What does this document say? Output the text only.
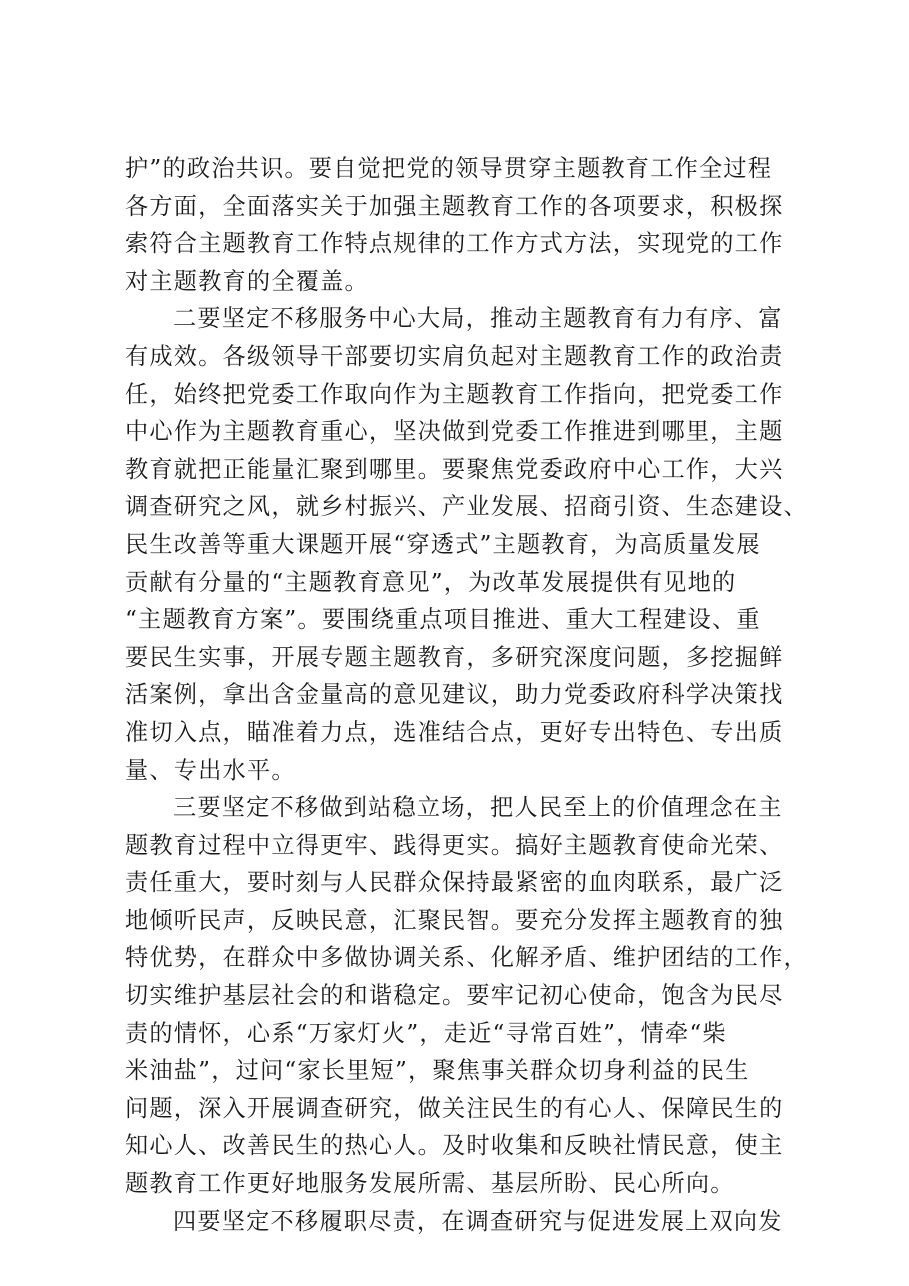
护”的政治共识。要自觉把党的领导贯穿主题教育工作全过程
各方面，全面落实关于加强主题教育工作的各项要求，积极探
索符合主题教育工作特点规律的工作方式方法，实现党的工作
对主题教育的全覆盖。
二要坚定不移服务中心大局，推动主题教育有力有序、富
有成效。各级领导干部要切实肩负起对主题教育工作的政治责
任，始终把党委工作取向作为主题教育工作指向，把党委工作
中心作为主题教育重心，坚决做到党委工作推进到哪里，主题
教育就把正能量汇聚到哪里。要聚焦党委政府中心工作，大兴
调查研究之风，就乡村振兴、产业发展、招商引资、生态建设、
民生改善等重大课题开展“穿透式”主题教育，为高质量发展
贡献有分量的“主题教育意见”，为改革发展提供有见地的
“主题教育方案”。要围绕重点项目推进、重大工程建设、重
要民生实事，开展专题主题教育，多研究深度问题，多挖掘鲜
活案例，拿出含金量高的意见建议，助力党委政府科学决策找
准切入点，瞄准着力点，选准结合点，更好专出特色、专出质
量、专出水平。
三要坚定不移做到站稳立场，把人民至上的价值理念在主
题教育过程中立得更牢、践得更实。搞好主题教育使命光荣、
责任重大，要时刻与人民群众保持最紧密的血肉联系，最广泛
地倾听民声，反映民意，汇聚民智。要充分发挥主题教育的独
特优势，在群众中多做协调关系、化解矛盾、维护团结的工作，
切实维护基层社会的和谐稳定。要牢记初心使命，饱含为民尽
责的情怀，心系“万家灯火”，走近“寻常百姓”，情牵“柴
米油盐”，过问“家长里短”，聚焦事关群众切身利益的民生
问题，深入开展调查研究，做关注民生的有心人、保障民生的
知心人、改善民生的热心人。及时收集和反映社情民意，使主
题教育工作更好地服务发展所需、基层所盼、民心所向。
四要坚定不移履职尽责，在调查研究与促进发展上双向发
